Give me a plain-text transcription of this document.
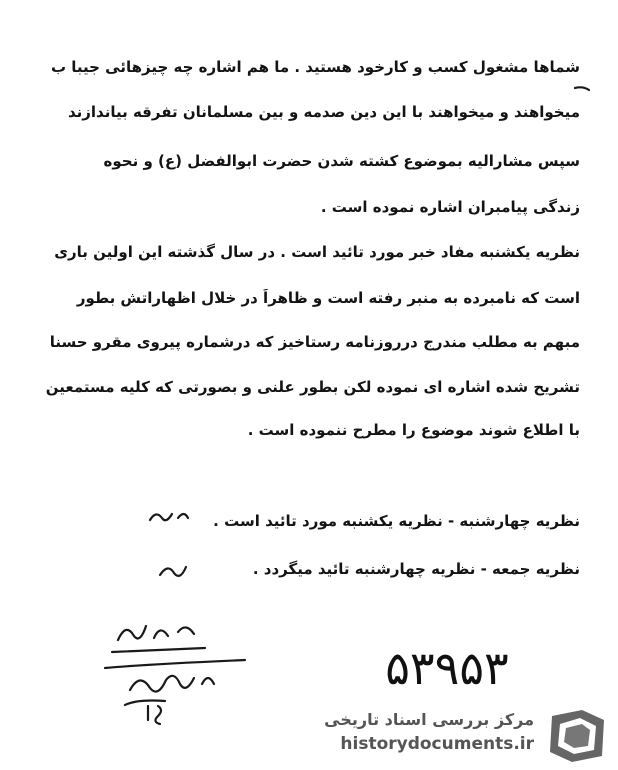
شماها مشغول کسب و کارخود هستید . ما هم اشاره چه چیزهائی جیبا ب
میخواهند و میخواهند با این دین صدمه و بین مسلمانان تفرقه بیاندازند
سپس مشارالیه بموضوع کشته شدن حضرت ابوالفضل (ع) و نحوه
زندگی پیامبران اشاره نموده است .
نظریه یکشنبه مفاد خبر مورد تائید است . در سال گذشته این اولین باری
است که نامبرده به منبر رفته است و ظاهراً در خلال اظهاراتش بطور
مبهم به مطلب مندرج درروزنامه رستاخیز که درشماره پیروی مقرو حسنا
تشریح شده اشاره ای نموده لکن بطور علنی و بصورتی که کلیه مستمعین
با اطلاع شوند موضوع را مطرح ننموده است .
نظریه چهارشنبه - نظریه یکشنبه مورد تائید است .
نظریه جمعه - نظریه چهارشنبه تائید میگردد .
۵۳۹۵۳
مرکز بررسی اسناد تاریخی
historydocuments.ir
